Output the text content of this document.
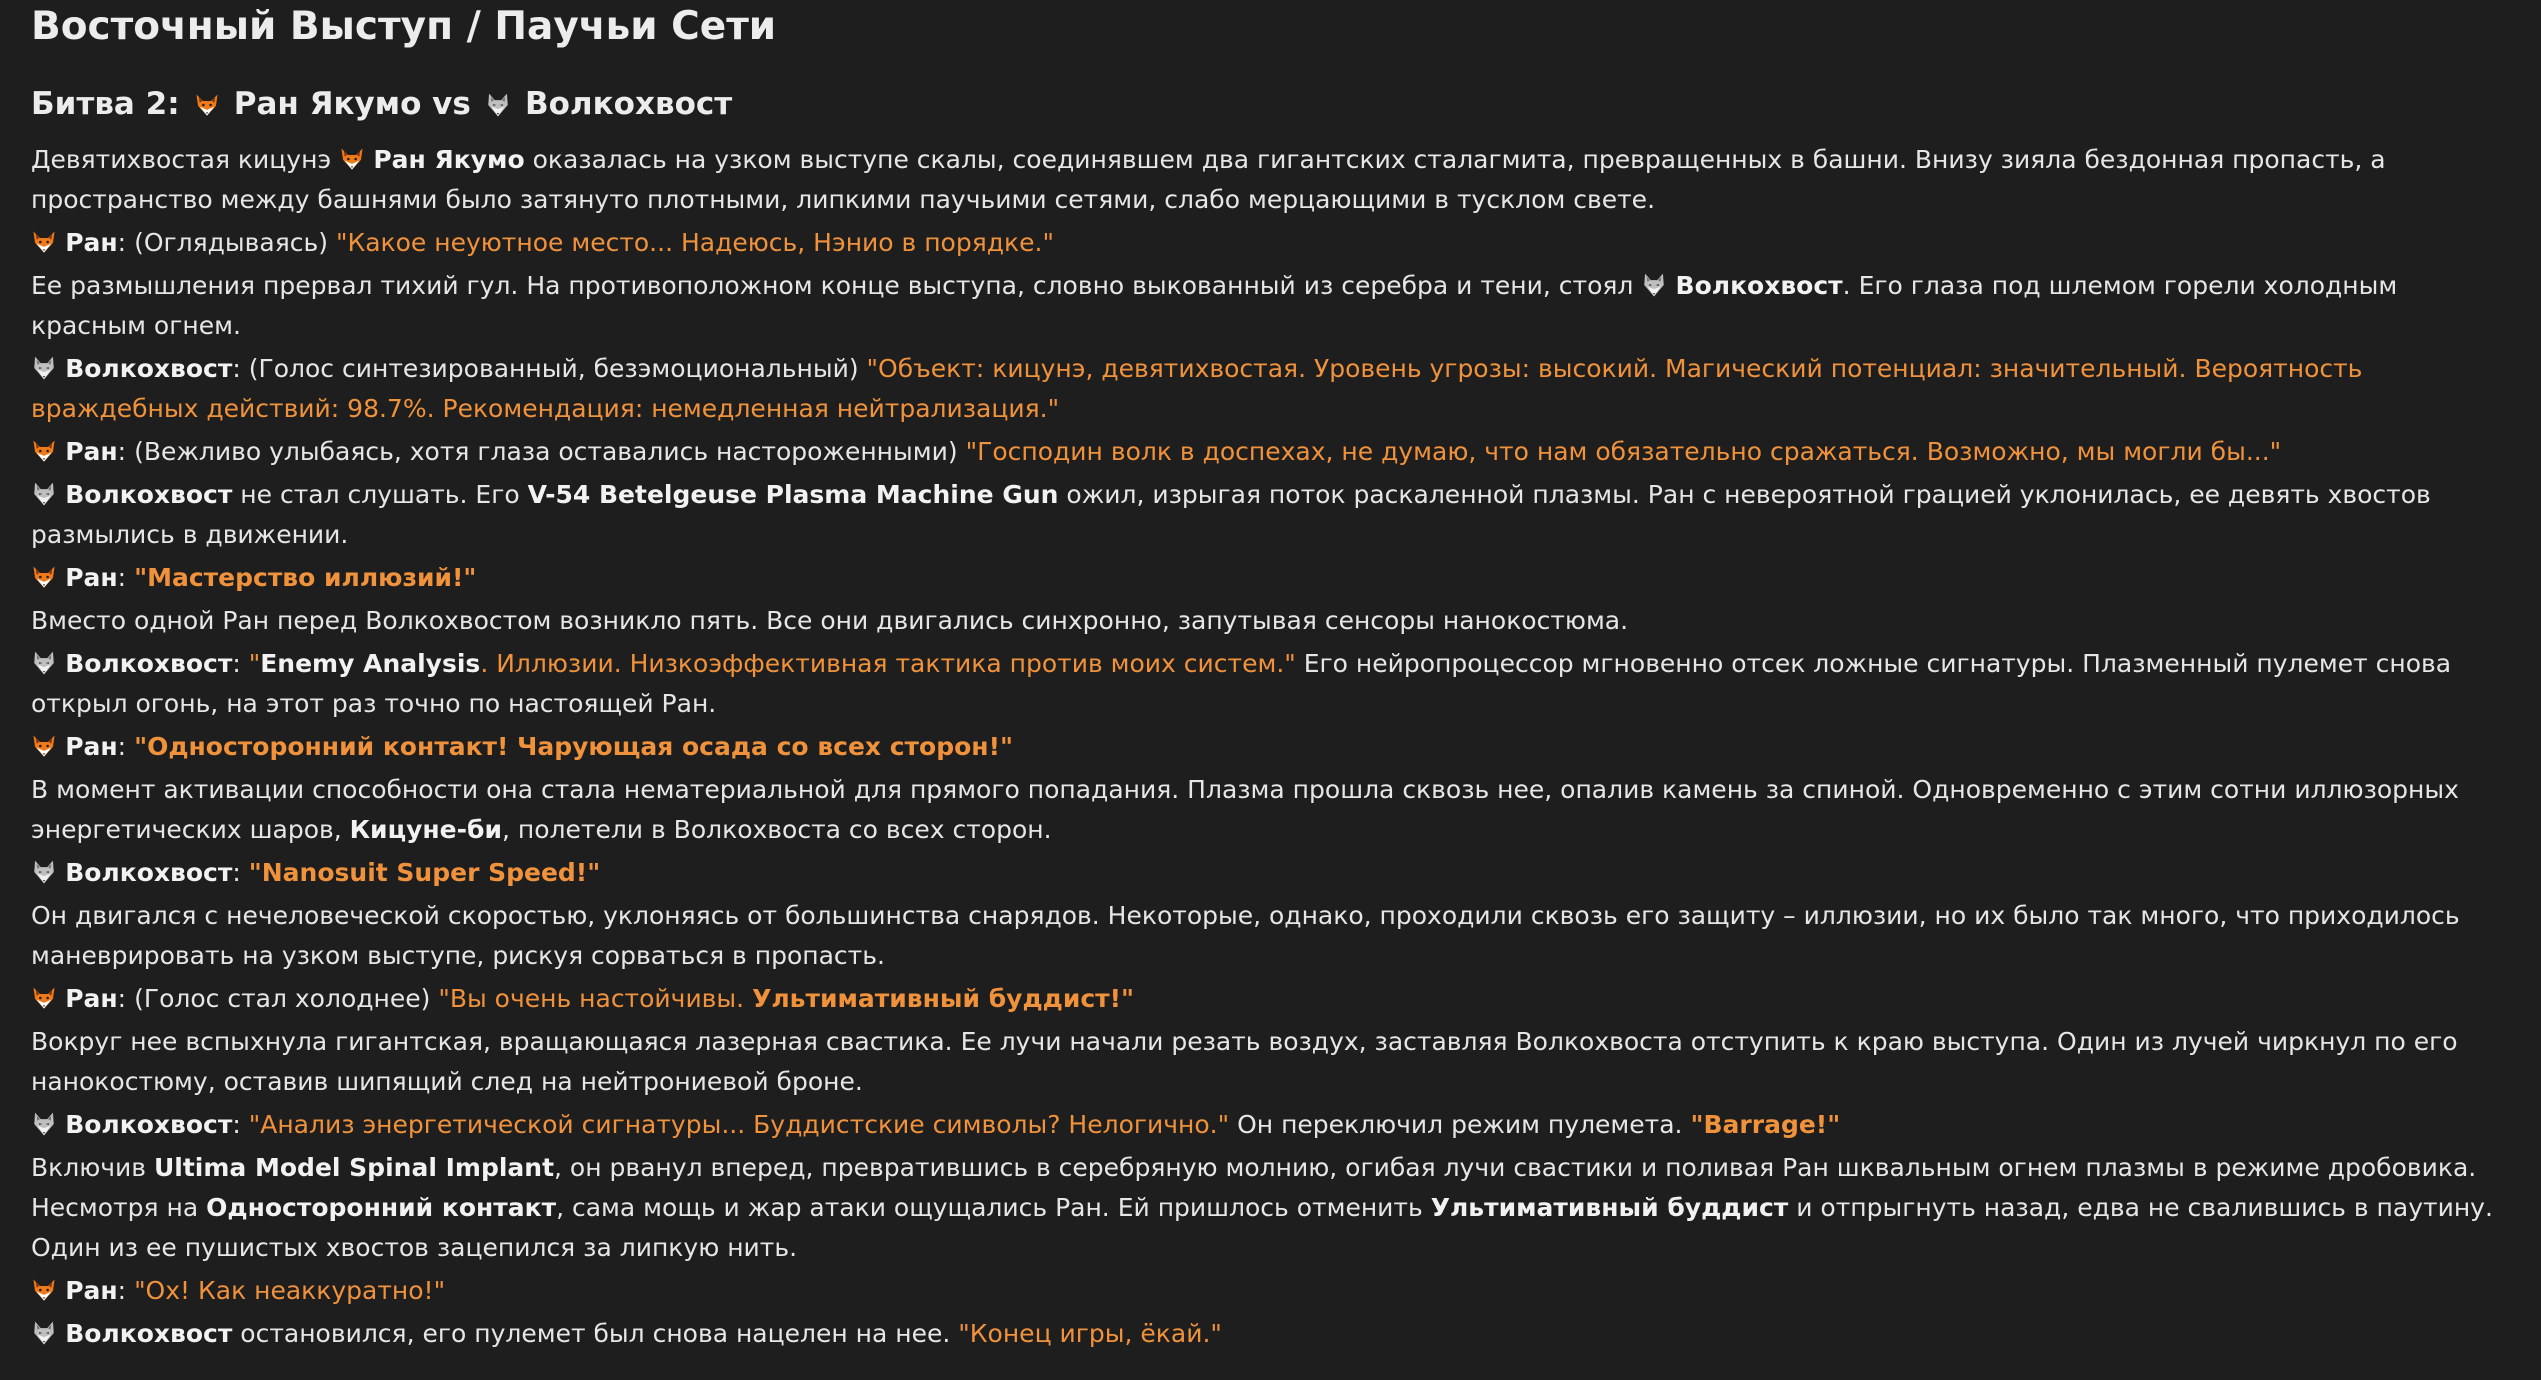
Восточный Выступ / Паучьи Сети
Битва 2: Ран Якумо vs Волкохвост

Девятихвостая кицунэ Ран Якумо оказалась на узком выступе скалы, соединявшем два гигантских сталагмита, превращенных в башни. Внизу зияла бездонная пропасть, а пространство между башнями было затянуто плотными, липкими паучьими сетями, слабо мерцающими в тусклом свете.

Ран: (Оглядываясь) "Какое неуютное место... Надеюсь, Нэнио в порядке."

Ее размышления прервал тихий гул. На противоположном конце выступа, словно выкованный из серебра и тени, стоял Волкохвост. Его глаза под шлемом горели холодным красным огнем.

Волкохвост: (Голос синтезированный, безэмоциональный) "Объект: кицунэ, девятихвостая. Уровень угрозы: высокий. Магический потенциал: значительный. Вероятность враждебных действий: 98.7%. Рекомендация: немедленная нейтрализация."

Ран: (Вежливо улыбаясь, хотя глаза оставались настороженными) "Господин волк в доспехах, не думаю, что нам обязательно сражаться. Возможно, мы могли бы..."

Волкохвост не стал слушать. Его V-54 Betelgeuse Plasma Machine Gun ожил, изрыгая поток раскаленной плазмы. Ран с невероятной грацией уклонилась, ее девять хвостов размылись в движении.

Ран: "Мастерство иллюзий!"

Вместо одной Ран перед Волкохвостом возникло пять. Все они двигались синхронно, запутывая сенсоры нанокостюма.

Волкохвост: "Enemy Analysis. Иллюзии. Низкоэффективная тактика против моих систем." Его нейропроцессор мгновенно отсек ложные сигнатуры. Плазменный пулемет снова открыл огонь, на этот раз точно по настоящей Ран.

Ран: "Односторонний контакт! Чарующая осада со всех сторон!"

В момент активации способности она стала нематериальной для прямого попадания. Плазма прошла сквозь нее, опалив камень за спиной. Одновременно с этим сотни иллюзорных энергетических шаров, Кицуне-би, полетели в Волкохвоста со всех сторон.

Волкохвост: "Nanosuit Super Speed!"

Он двигался с нечеловеческой скоростью, уклоняясь от большинства снарядов. Некоторые, однако, проходили сквозь его защиту – иллюзии, но их было так много, что приходилось маневрировать на узком выступе, рискуя сорваться в пропасть.

Ран: (Голос стал холоднее) "Вы очень настойчивы. Ультимативный буддист!"

Вокруг нее вспыхнула гигантская, вращающаяся лазерная свастика. Ее лучи начали резать воздух, заставляя Волкохвоста отступить к краю выступа. Один из лучей чиркнул по его нанокостюму, оставив шипящий след на нейтрониевой броне.

Волкохвост: "Анализ энергетической сигнатуры... Буддистские символы? Нелогично." Он переключил режим пулемета. "Barrage!"

Включив Ultima Model Spinal Implant, он рванул вперед, превратившись в серебряную молнию, огибая лучи свастики и поливая Ран шквальным огнем плазмы в режиме дробовика. Несмотря на Односторонний контакт, сама мощь и жар атаки ощущались Ран. Ей пришлось отменить Ультимативный буддист и отпрыгнуть назад, едва не свалившись в паутину. Один из ее пушистых хвостов зацепился за липкую нить.

Ран: "Ох! Как неаккуратно!"

Волкохвост остановился, его пулемет был снова нацелен на нее. "Конец игры, ёкай."
